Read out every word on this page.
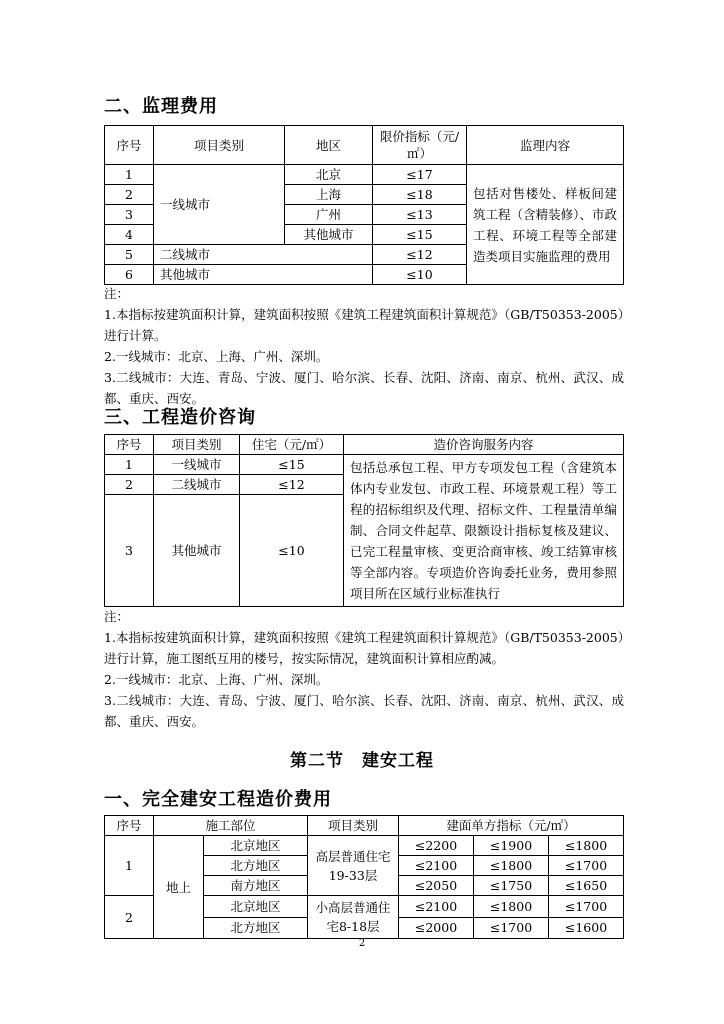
二、监理费用
序号	项目类别	地区	限价指标（元/㎡）	监理内容
1	一线城市	北京	≤17	包括对售楼处、样板间建筑工程（含精装修）、市政工程、环境工程等全部建造类项目实施监理的费用
2		上海	≤18	
3		广州	≤13	
4		其他城市	≤15	
5	二线城市		≤12	
6	其他城市		≤10	

注：

1.本指标按建筑面积计算，建筑面积按照《建筑工程建筑面积计算规范》（GB/T50353-2005）进行计算。

2.一线城市：北京、上海、广州、深圳。

3.二线城市：大连、青岛、宁波、厦门、哈尔滨、长春、沈阳、济南、南京、杭州、武汉、成都、重庆、西安。

三、工程造价咨询
序号	项目类别	住宅（元/㎡）	造价咨询服务内容
1	一线城市	≤15	包括总承包工程、甲方专项发包工程（含建筑本体内专业发包、市政工程、环境景观工程）等工程的招标组织及代理、招标文件、工程量清单编制、合同文件起草、限额设计指标复核及建议、已完工程量审核、变更洽商审核、竣工结算审核等全部内容。专项造价咨询委托业务，费用参照项目所在区域行业标准执行
2	二线城市	≤12	
3	其他城市	≤10	

注：

1.本指标按建筑面积计算，建筑面积按照《建筑工程建筑面积计算规范》（GB/T50353-2005）进行计算，施工图纸互用的楼号，按实际情况，建筑面积计算相应酌减。

2.一线城市：北京、上海、广州、深圳。

3.二线城市：大连、青岛、宁波、厦门、哈尔滨、长春、沈阳、济南、南京、杭州、武汉、成都、重庆、西安。

第二节　建安工程
一、完全建安工程造价费用
序号	施工部位		项目类别	建面单方指标（元/㎡）		
1	地上	北京地区	高层普通住宅19-33层	≤2200	≤1900	≤1800
		北方地区		≤2100	≤1800	≤1700
		南方地区		≤2050	≤1750	≤1650
2		北京地区	小高层普通住宅8-18层	≤2100	≤1800	≤1700
		北方地区		≤2000	≤1700	≤1600
2
